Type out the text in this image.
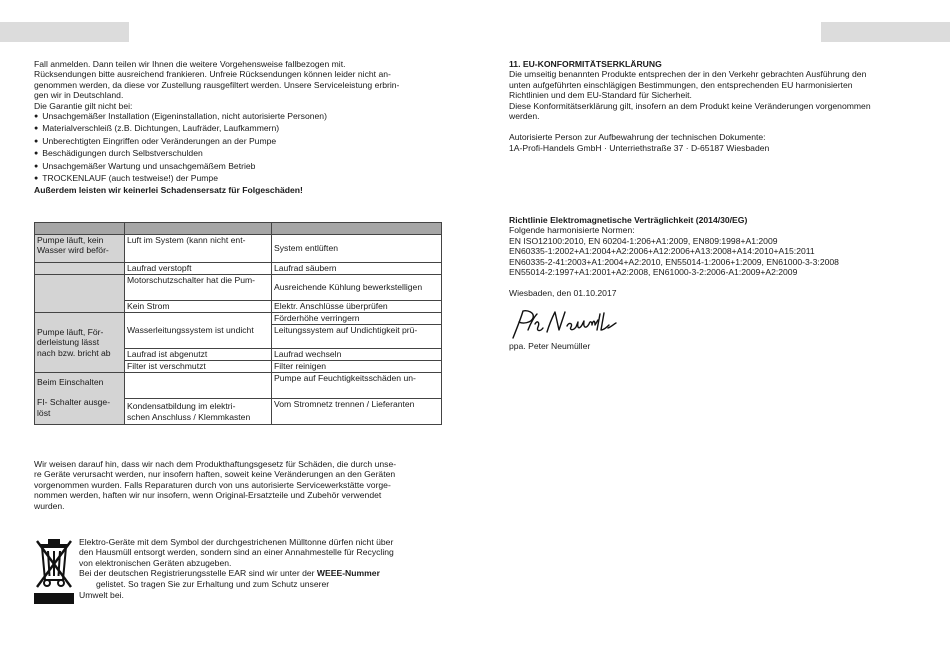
Fall anmelden. Dann teilen wir Ihnen die weitere Vorgehensweise fallbezogen mit.
Rücksendungen bitte ausreichend frankieren. Unfreie Rücksendungen können leider nicht an-
genommen werden, da diese vor Zustellung rausgefiltert werden. Unsere Serviceleistung erbrin-
gen wir in Deutschland.
Die Garantie gilt nicht bei:
● Unsachgemäßer Installation (Eigeninstallation, nicht autorisierte Personen)
● Materialverschleiß (z.B. Dichtungen, Laufräder, Laufkammern)
● Unberechtigten Eingriffen oder Veränderungen an der Pumpe
● Beschädigungen durch Selbstverschulden
● Unsachgemäßer Wartung und unsachgemäßem Betrieb
● TROCKENLAUF (auch testweise!) der Pumpe
Außerdem leisten wir keinerlei Schadensersatz für Folgeschäden!

Pumpe läuft, kein
Wasser wird beför-	Luft im System (kann nicht ent-	System entlüften
	Laufrad verstopft	Laufrad säubern
	Motorschutzschalter hat die Pum-	Ausreichende Kühlung bewerkstelligen
	Kein Strom	Elektr. Anschlüsse überprüfen

Pumpe läuft, För-
derleistung lässt
nach bzw. bricht ab	Wasserleitungssystem ist undicht	Förderhöhe verringern
		Leitungssystem auf Undichtigkeit prü-
	Laufrad ist abgenutzt	Laufrad wechseln
	Filter ist verschmutzt	Filter reinigen

Beim Einschalten
FI- Schalter ausge-
löst		Pumpe auf Feuchtigkeitsschäden un-

	Kondensatbildung im elektri-
schen Anschluss / Klemmkasten	Vom Stromnetz trennen / Lieferanten
Wir weisen darauf hin, dass wir nach dem Produkthaftungsgesetz für Schäden, die durch unse-
re Geräte verursacht werden, nur insofern haften, soweit keine Veränderungen an den Geräten
vorgenommen wurden. Falls Reparaturen durch von uns autorisierte Servicewerkstätte vorge-
nommen werden, haften wir nur insofern, wenn Original-Ersatzteile und Zubehör verwendet
wurden.
Elektro-Geräte mit dem Symbol der durchgestrichenen Mülltonne dürfen nicht über
den Hausmüll entsorgt werden, sondern sind an einer Annahmestelle für Recycling
von elektronischen Geräten abzugeben.
Bei der deutschen Registrierungsstelle EAR sind wir unter der WEEE-Nummer
gelistet. So tragen Sie zur Erhaltung und zum Schutz unserer
Umwelt bei.
11. EU-KONFORMITÄTSERKLÄRUNG
Die umseitig benannten Produkte entsprechen der in den Verkehr gebrachten Ausführung den
unten aufgeführten einschlägigen Bestimmungen, den entsprechenden EU harmonisierten
Richtlinien und dem EU-Standard für Sicherheit.
Diese Konformitätserklärung gilt, insofern an dem Produkt keine Veränderungen vorgenommen
werden.
Autorisierte Person zur Aufbewahrung der technischen Dokumente:
1A-Profi-Handels GmbH · Unterriethstraße 37 · D-65187 Wiesbaden
Richtlinie Elektromagnetische Verträglichkeit (2014/30/EG)
Folgende harmonisierte Normen:
EN ISO12100:2010, EN 60204-1:206+A1:2009, EN809:1998+A1:2009
EN60335-1:2002+A1:2004+A2:2006+A12:2006+A13:2008+A14:2010+A15:2011
EN60335-2-41:2003+A1:2004+A2:2010, EN55014-1:2006+1:2009, EN61000-3-3:2008
EN55014-2:1997+A1:2001+A2:2008, EN61000-3-2:2006-A1:2009+A2:2009
Wiesbaden, den 01.10.2017
ppa. Peter Neumüller
